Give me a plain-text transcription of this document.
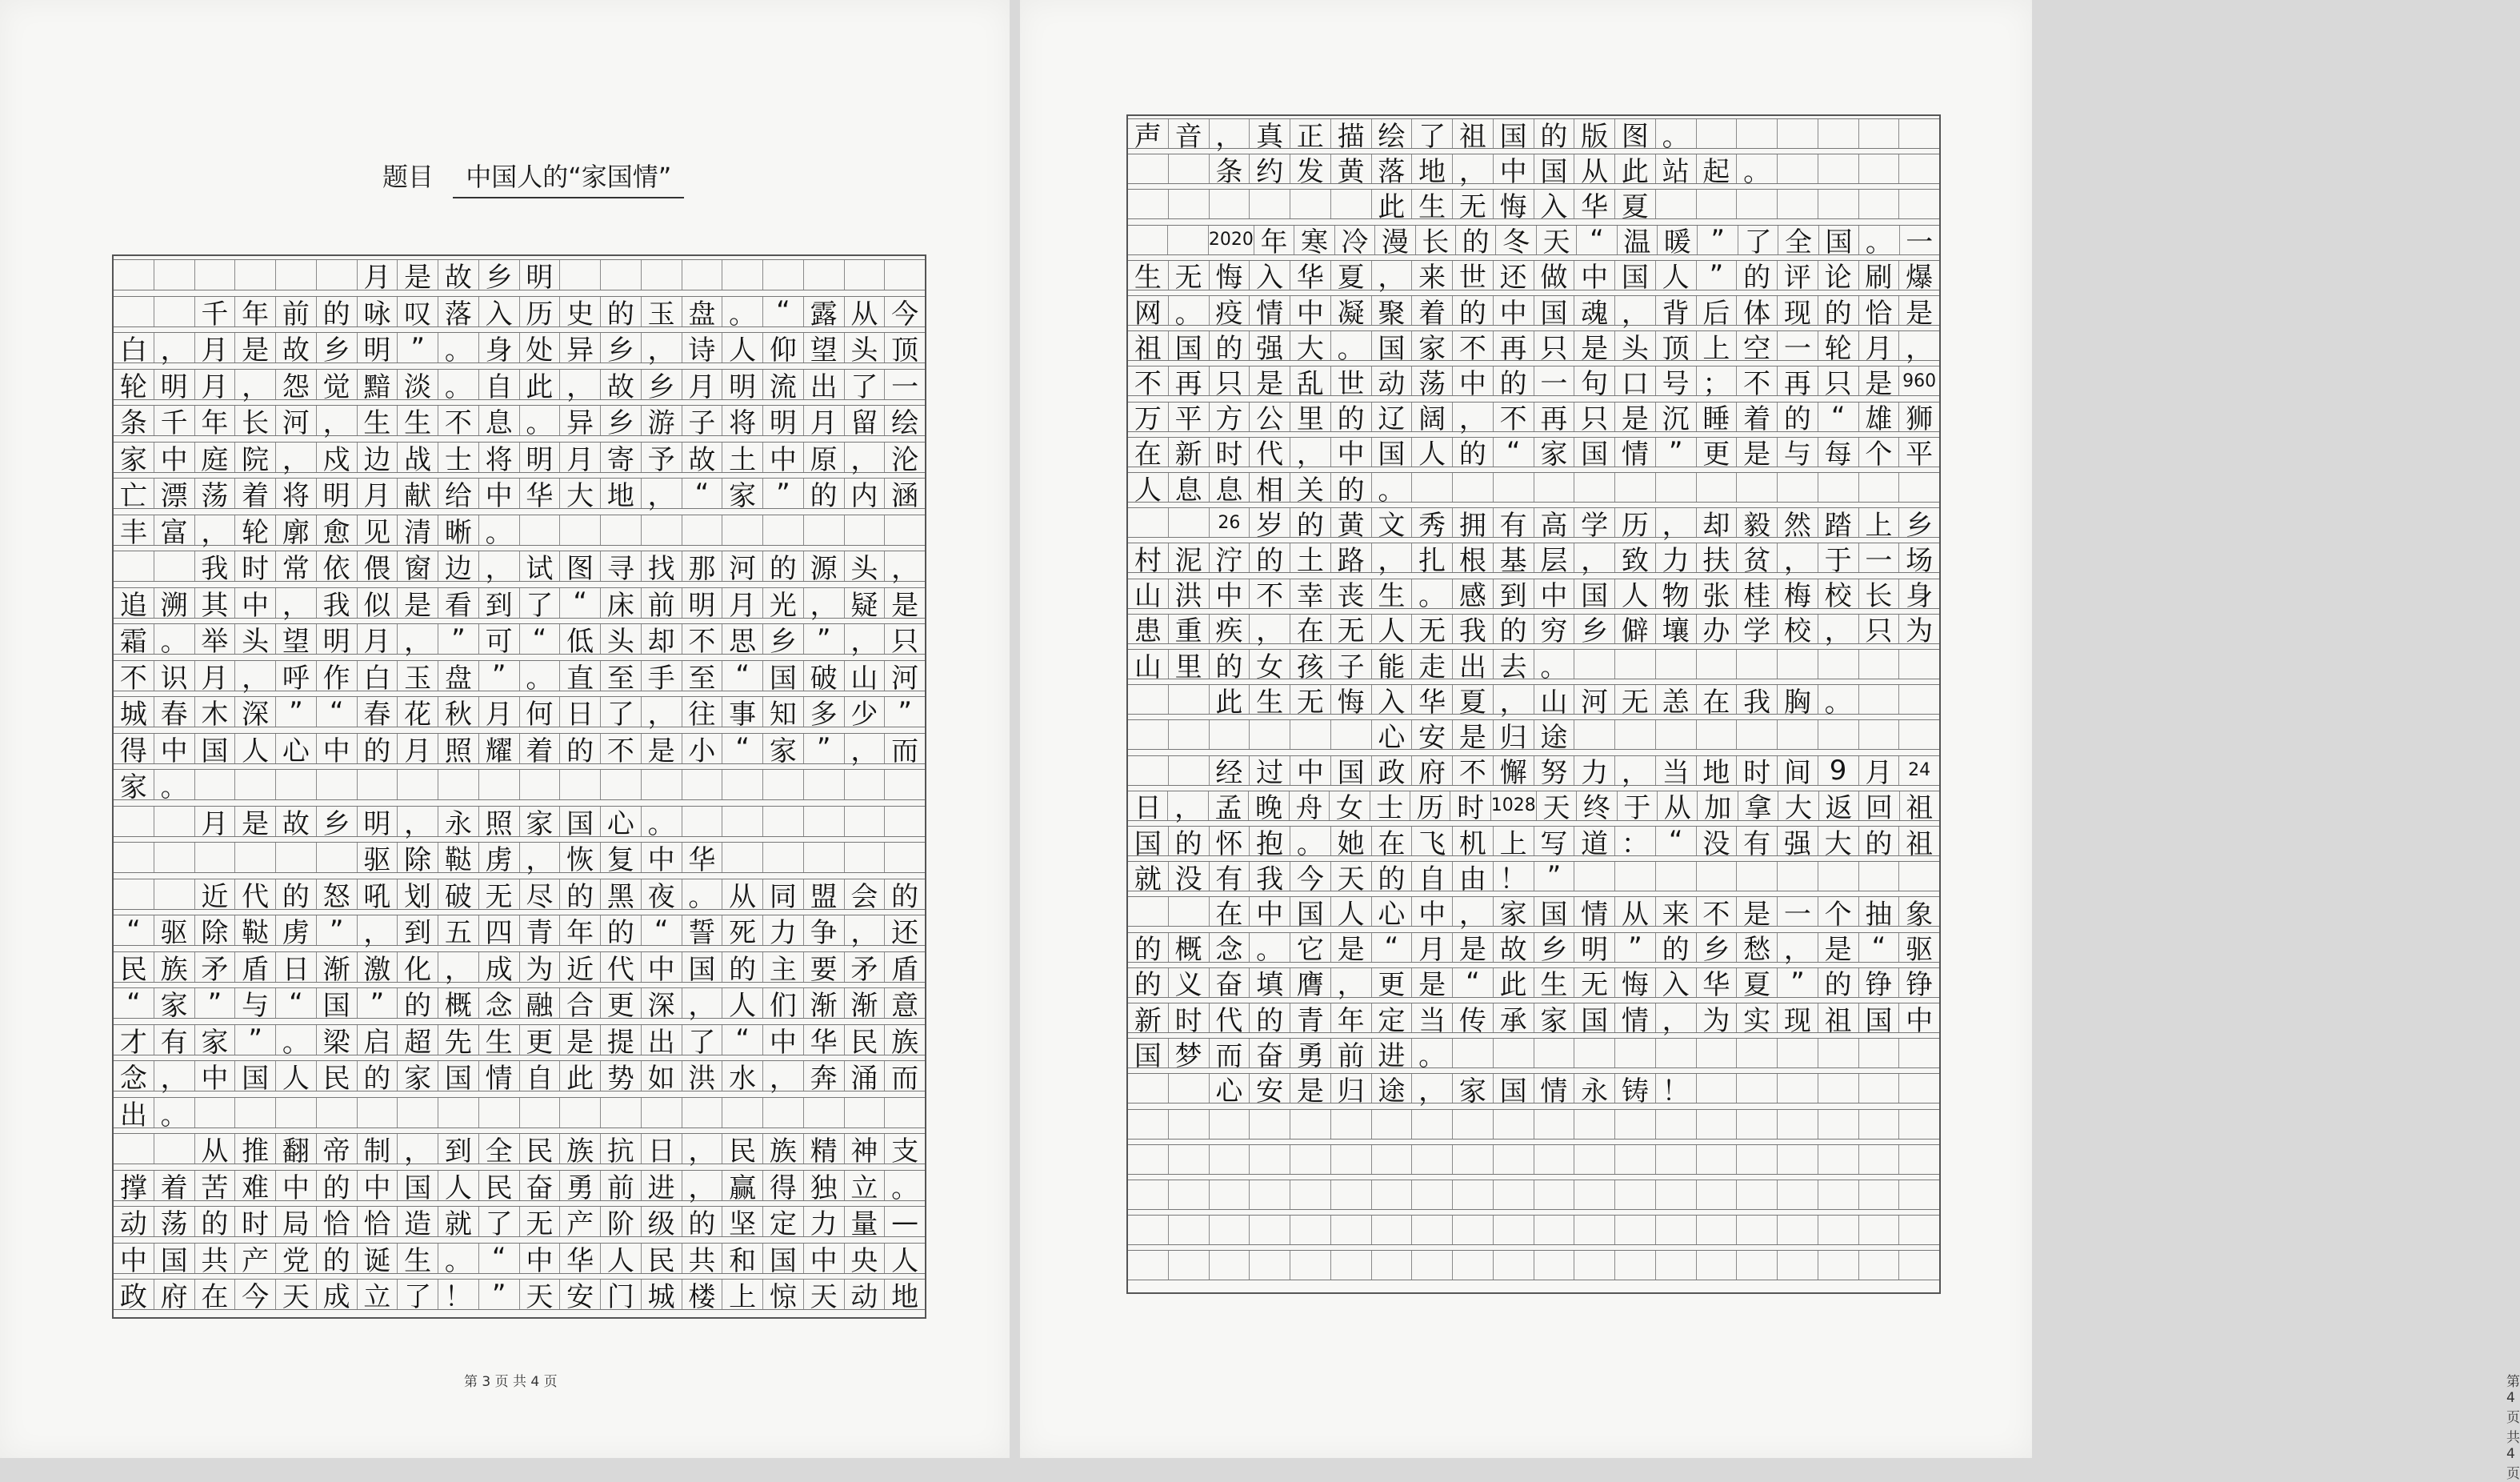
题目 中国人的“家国情”
月 是 故 乡 明
千 年 前 的 咏 叹 落 入 历 史 的 玉 盘 。 “ 露 从 今
白 ， 月 是 故 乡 明 ” 。 身 处 异 乡 ， 诗 人 仰 望 头 顶
轮 明 月 ， 怨 觉 黯 淡 。 自 此 ， 故 乡 月 明 流 出 了 一
条 千 年 长 河 ， 生 生 不 息 。 异 乡 游 子 将 明 月 留 绘
家 中 庭 院 ， 戍 边 战 士 将 明 月 寄 予 故 土 中 原 ， 沦
亡 漂 荡 着 将 明 月 献 给 中 华 大 地 ， “ 家 ” 的 内 涵
丰 富 ， 轮 廓 愈 见 清 晰 。
我 时 常 依 偎 窗 边 ， 试 图 寻 找 那 河 的 源 头 ，
追 溯 其 中 ， 我 似 是 看 到 了 “ 床 前 明 月 光 ， 疑 是
霜 。 举 头 望 明 月 ， ” 可 “ 低 头 却 不 思 乡 ” ， 只
不 识 月 ， 呼 作 白 玉 盘 ” 。 直 至 手 至 “ 国 破 山 河
城 春 木 深 ” “ 春 花 秋 月 何 日 了 ， 往 事 知 多 少 ”
得 中 国 人 心 中 的 月 照 耀 着 的 不 是 小 “ 家 ” ， 而
家 。
月 是 故 乡 明 ， 永 照 家 国 心 。
驱 除 鞑 虏 ， 恢 复 中 华
近 代 的 怒 吼 划 破 无 尽 的 黑 夜 。 从 同 盟 会 的
“ 驱 除 鞑 虏 ” ， 到 五 四 青 年 的 “ 誓 死 力 争 ， 还
民 族 矛 盾 日 渐 激 化 ， 成 为 近 代 中 国 的 主 要 矛 盾
“ 家 ” 与 “ 国 ” 的 概 念 融 合 更 深 ， 人 们 渐 渐 意
才 有 家 ” 。 梁 启 超 先 生 更 是 提 出 了 “ 中 华 民 族
念 ， 中 国 人 民 的 家 国 情 自 此 势 如 洪 水 ， 奔 涌 而
出 。
从 推 翻 帝 制 ， 到 全 民 族 抗 日 ， 民 族 精 神 支
撑 着 苦 难 中 的 中 国 人 民 奋 勇 前 进 ， 赢 得 独 立 。
动 荡 的 时 局 恰 恰 造 就 了 无 产 阶 级 的 坚 定 力 量 —
中 国 共 产 党 的 诞 生 。 “ 中 华 人 民 共 和 国 中 央 人
政 府 在 今 天 成 立 了 ！ ” 天 安 门 城 楼 上 惊 天 动 地
第 3 页 共 4 页	第 4 页 共 4 页
声 音 ， 真 正 描 绘 了 祖 国 的 版 图 。
条 约 发 黄 落 地 ， 中 国 从 此 站 起 。
此 生 无 悔 入 华 夏
2020 年 寒 冷 漫 长 的 冬 天 “ 温 暖 ” 了 全 国 。 一
生 无 悔 入 华 夏 ， 来 世 还 做 中 国 人 ” 的 评 论 刷 爆
网 。 疫 情 中 凝 聚 着 的 中 国 魂 ， 背 后 体 现 的 恰 是
祖 国 的 强 大 。 国 家 不 再 只 是 头 顶 上 空 一 轮 月 ，
不 再 只 是 乱 世 动 荡 中 的 一 句 口 号 ； 不 再 只 是 960
万 平 方 公 里 的 辽 阔 ， 不 再 只 是 沉 睡 着 的 “ 雄 狮
在 新 时 代 ， 中 国 人 的 “ 家 国 情 ” 更 是 与 每 个 平
人 息 息 相 关 的 。
26 岁 的 黄 文 秀 拥 有 高 学 历 ， 却 毅 然 踏 上 乡
村 泥 泞 的 土 路 ， 扎 根 基 层 ， 致 力 扶 贫 ， 于 一 场
山 洪 中 不 幸 丧 生 。 感 到 中 国 人 物 张 桂 梅 校 长 身
患 重 疾 ， 在 无 人 无 我 的 穷 乡 僻 壤 办 学 校 ， 只 为
山 里 的 女 孩 子 能 走 出 去 。
此 生 无 悔 入 华 夏 ， 山 河 无 恙 在 我 胸 。
心 安 是 归 途
经 过 中 国 政 府 不 懈 努 力 ， 当 地 时 间 9 月 24
日 ， 孟 晚 舟 女 士 历 时 1028 天 终 于 从 加 拿 大 返 回 祖
国 的 怀 抱 。 她 在 飞 机 上 写 道 ： “ 没 有 强 大 的 祖
就 没 有 我 今 天 的 自 由 ！ ”
在 中 国 人 心 中 ， 家 国 情 从 来 不 是 一 个 抽 象
的 概 念 。 它 是 “ 月 是 故 乡 明 ” 的 乡 愁 ， 是 “ 驱
的 义 奋 填 膺 ， 更 是 “ 此 生 无 悔 入 华 夏 ” 的 铮 铮
新 时 代 的 青 年 定 当 传 承 家 国 情 ， 为 实 现 祖 国 中
国 梦 而 奋 勇 前 进 。
心 安 是 归 途 ， 家 国 情 永 铸 ！
